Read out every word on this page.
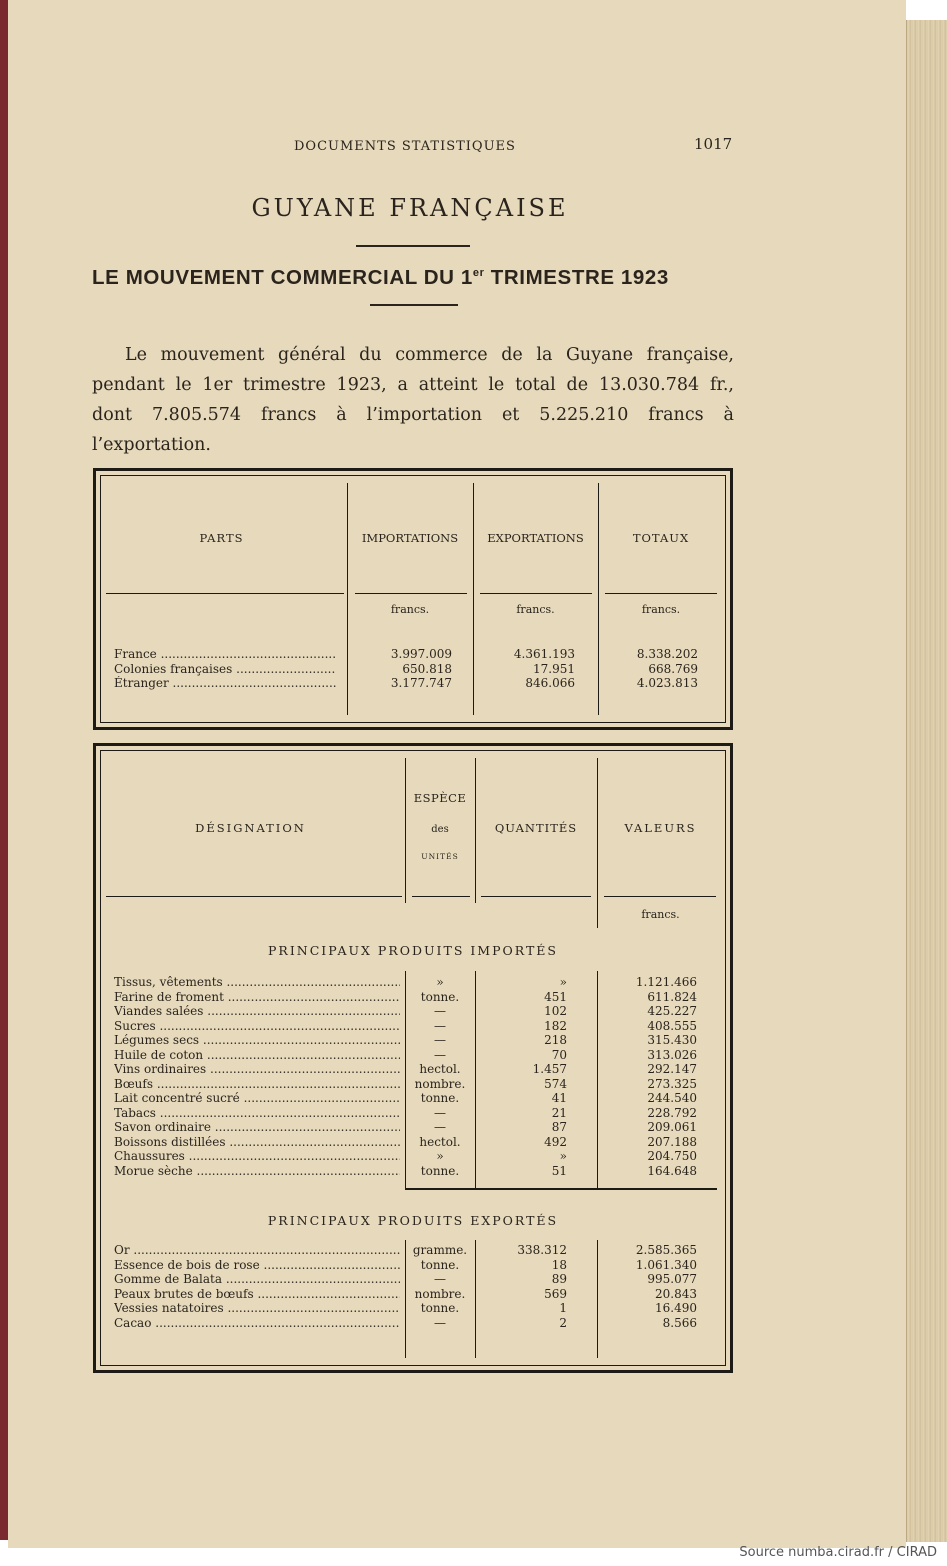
Source numba.cirad.fr / CIRAD
DOCUMENTS STATISTIQUES	1017
GUYANE FRANÇAISE
LE MOUVEMENT COMMERCIAL DU 1er TRIMESTRE 1923
Le mouvement général du commerce de la Guyane française,
pendant le 1er trimestre 1923, a atteint le total de 13.030.784 fr.,
dont 7.805.574 francs à l’importation et 5.225.210 francs à
l’exportation.
PARTS	IMPORTATIONS	EXPORTATIONS	TOTAUX
francs.	francs.	francs.
France .....	3.997.009	4.361.193	8.338.202
Colonies françaises .....	650.818	17.951	668.769
Étranger .....	3.177.747	846.066	4.023.813
DÉSIGNATION
ESPÈCE
des
UNITÉS
QUANTITÉS	VALEURS
francs.
PRINCIPAUX PRODUITS IMPORTÉS
PRINCIPAUX PRODUITS EXPORTÉS
Tissus, vêtements .....	»	»	1.121.466
Farine de froment .....	tonne.	451	611.824
Viandes salées .....	—	102	425.227
Sucres .....	—	182	408.555
Légumes secs .....	—	218	315.430
Huile de coton .....	—	70	313.026
Vins ordinaires .....	hectol.	1.457	292.147
Bœufs .....	nombre.	574	273.325
Lait concentré sucré .....	tonne.	41	244.540
Tabacs .....	—	21	228.792
Savon ordinaire .....	—	87	209.061
Boissons distillées .....	hectol.	492	207.188
Chaussures .....	»	»	204.750
Morue sèche .....	tonne.	51	164.648
Or .....	gramme.	338.312	2.585.365
Essence de bois de rose .....	tonne.	18	1.061.340
Gomme de Balata .....	—	89	995.077
Peaux brutes de bœufs .....	nombre.	569	20.843
Vessies natatoires .....	tonne.	1	16.490
Cacao .....	—	2	8.566
